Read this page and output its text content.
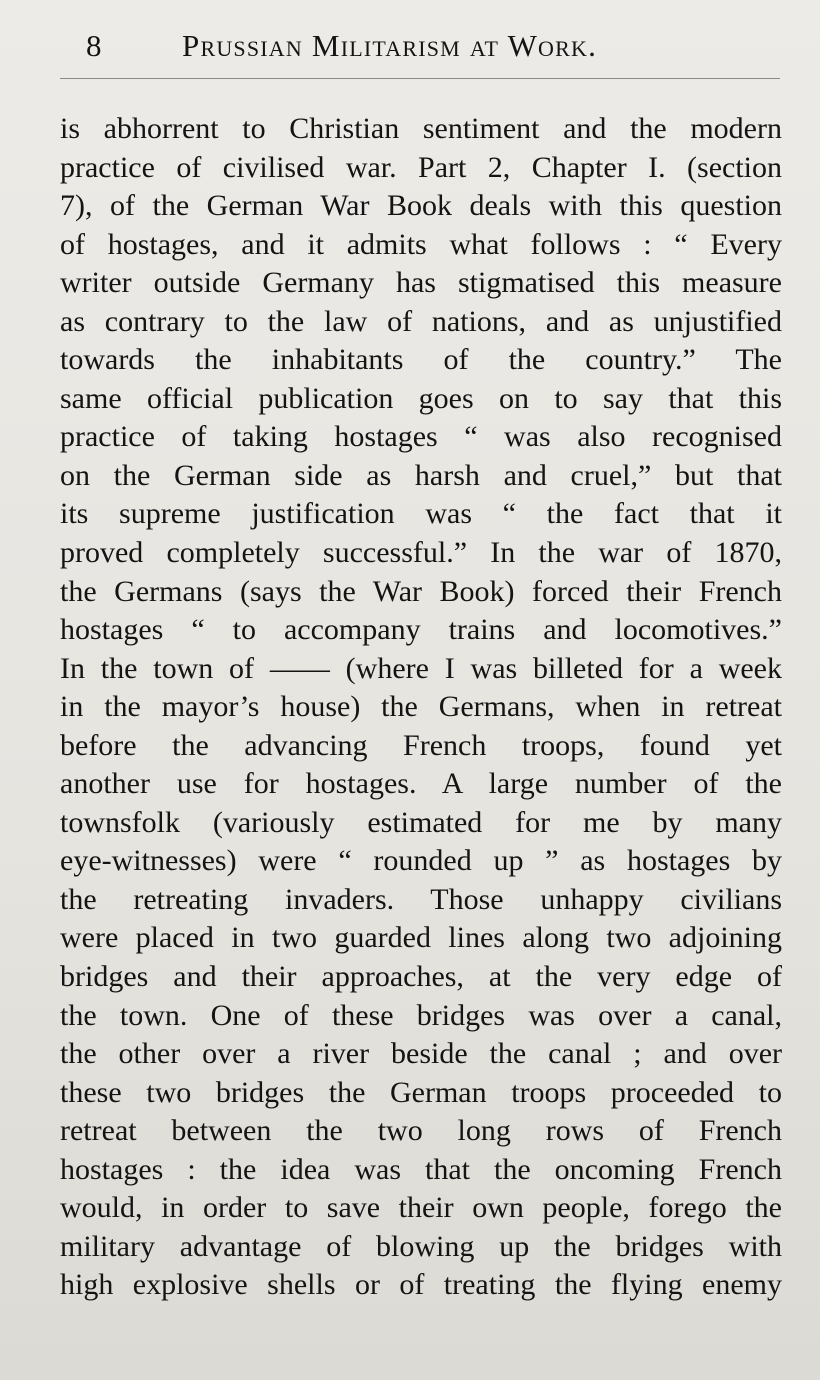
8	Prussian Militarism at Work.
is abhorrent to Christian sentiment and the modern
practice of civilised war. Part 2, Chapter I. (section
7), of the German War Book deals with this question
of hostages, and it admits what follows : “ Every
writer outside Germany has stigmatised this measure
as contrary to the law of nations, and as unjustified
towards the inhabitants of the country.” The
same official publication goes on to say that this
practice of taking hostages “ was also recognised
on the German side as harsh and cruel,” but that
its supreme justification was “ the fact that it
proved completely successful.” In the war of 1870,
the Germans (says the War Book) forced their French
hostages “ to accompany trains and locomotives.”
In the town of —— (where I was billeted for a week
in the mayor’s house) the Germans, when in retreat
before the advancing French troops, found yet
another use for hostages. A large number of the
townsfolk (variously estimated for me by many
eye-witnesses) were “ rounded up ” as hostages by
the retreating invaders. Those unhappy civilians
were placed in two guarded lines along two adjoining
bridges and their approaches, at the very edge of
the town. One of these bridges was over a canal,
the other over a river beside the canal ; and over
these two bridges the German troops proceeded to
retreat between the two long rows of French
hostages : the idea was that the oncoming French
would, in order to save their own people, forego the
military advantage of blowing up the bridges with
high explosive shells or of treating the flying enemy
